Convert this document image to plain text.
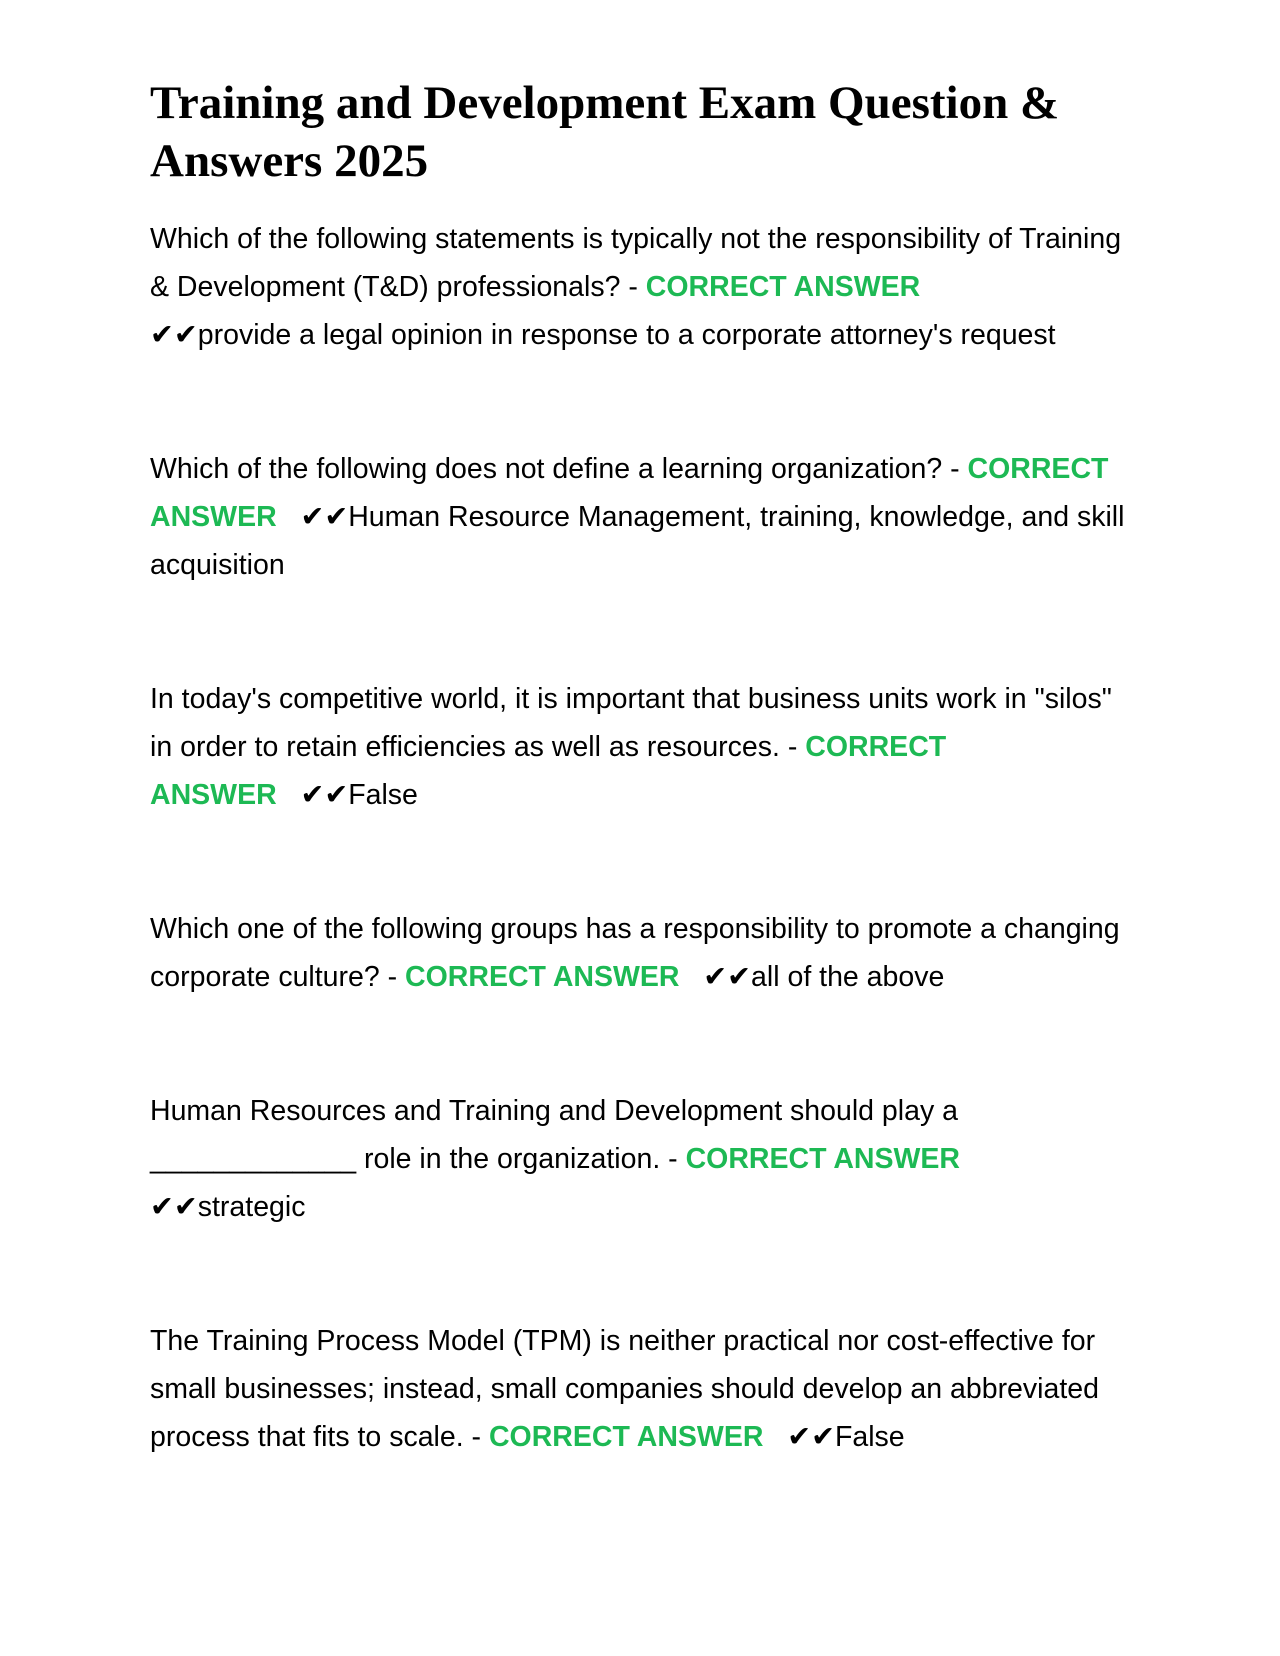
Training and Development Exam Question & Answers 2025

Which of the following statements is typically not the responsibility of Training & Development (T&D) professionals? - CORRECT ANSWER
✔✔provide a legal opinion in response to a corporate attorney's request

Which of the following does not define a learning organization? - CORRECT ANSWER ✔✔Human Resource Management, training, knowledge, and skill acquisition

In today's competitive world, it is important that business units work in "silos" in order to retain efficiencies as well as resources. - CORRECT ANSWER ✔✔False

Which one of the following groups has a responsibility to promote a changing corporate culture? - CORRECT ANSWER ✔✔all of the above

Human Resources and Training and Development should play a _____________ role in the organization. - CORRECT ANSWER
✔✔strategic

The Training Process Model (TPM) is neither practical nor cost-effective for small businesses; instead, small companies should develop an abbreviated process that fits to scale. - CORRECT ANSWER ✔✔False
